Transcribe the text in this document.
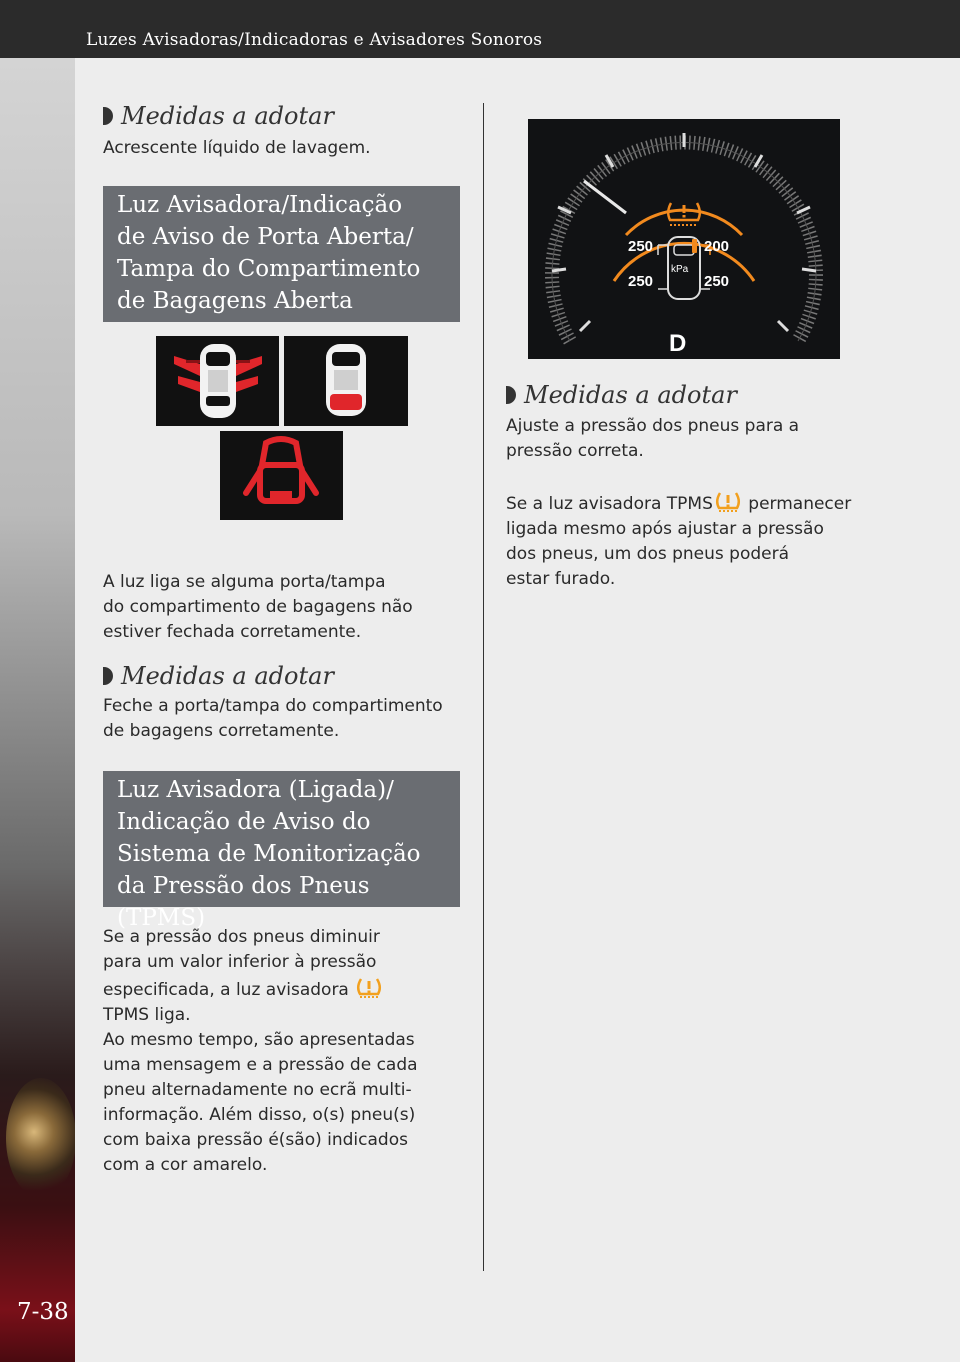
Luzes Avisadoras/Indicadoras e Avisadores Sonoros
7-38
Medidas a adotar
Acrescente líquido de lavagem.
Luz Avisadora/Indicação
de Aviso de Porta Aberta/
Tampa do Compartimento
de Bagagens Aberta

A luz liga se alguma porta/tampa

do compartimento de bagagens não

estiver fechada corretamente.

Medidas a adotar

Feche a porta/tampa do compartimento

de bagagens corretamente.

Luz Avisadora (Ligada)/
Indicação de Aviso do
Sistema de Monitorização
da Pressão dos Pneus (TPMS)

Se a pressão dos pneus diminuir

para um valor inferior à pressão

especificada, a luz avisadora

TPMS liga.

Ao mesmo tempo, são apresentadas

uma mensagem e a pressão de cada

pneu alternadamente no ecrã multi-

informação. Além disso, o(s) pneu(s)

com baixa pressão é(são) indicados

com a cor amarelo.

250	200
250	250
kPa
D
Medidas a adotar

Ajuste a pressão dos pneus para a

pressão correta.

Se a luz avisadora TPMS permanecer

ligada mesmo após ajustar a pressão

dos pneus, um dos pneus poderá

estar furado.
